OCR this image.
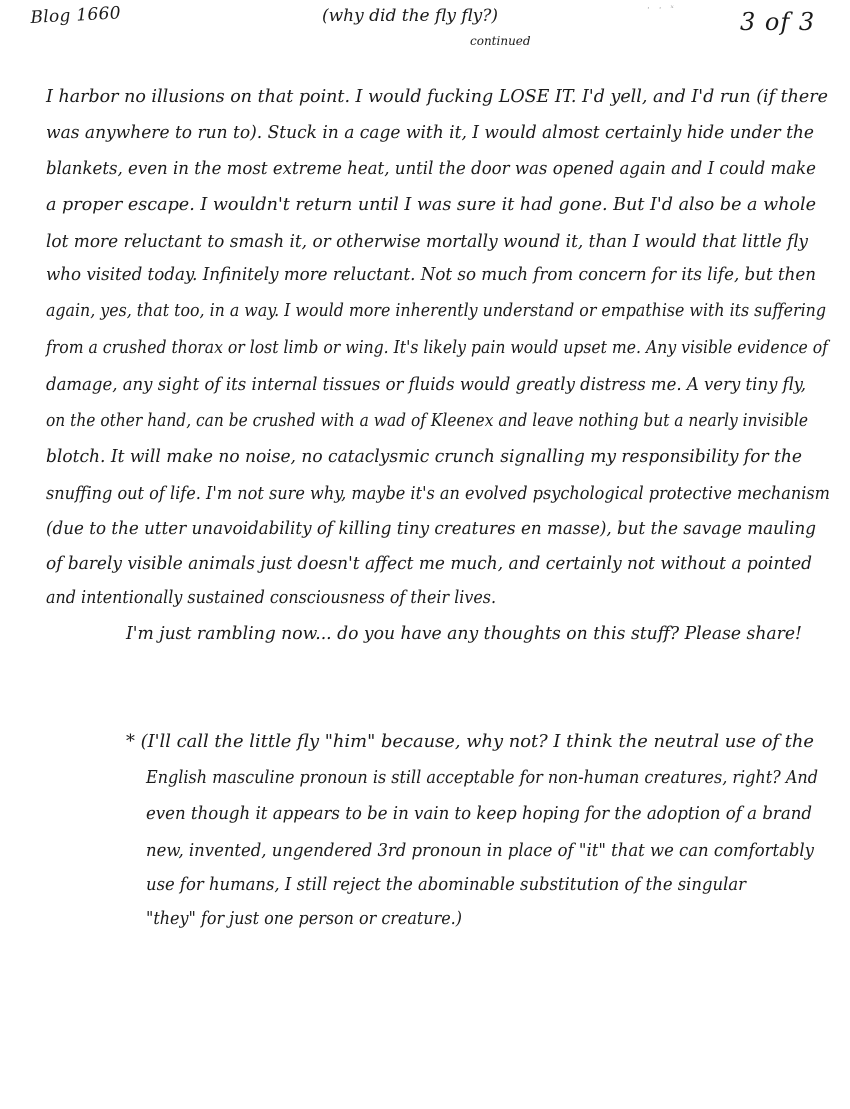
Blog 1660	(why did the fly fly?)
continued
· · ˣ	3 of 3
I harbor no illusions on that point. I would fucking LOSE IT. I'd yell, and I'd run (if there
was anywhere to run to). Stuck in a cage with it, I would almost certainly hide under the
blankets, even in the most extreme heat, until the door was opened again and I could make
a proper escape. I wouldn't return until I was sure it had gone. But I'd also be a whole
lot more reluctant to smash it, or otherwise mortally wound it, than I would that little fly
who visited today. Infinitely more reluctant. Not so much from concern for its life, but then
again, yes, that too, in a way. I would more inherently understand or empathise with its suffering
from a crushed thorax or lost limb or wing. It's likely pain would upset me. Any visible evidence of
damage, any sight of its internal tissues or fluids would greatly distress me. A very tiny fly,
on the other hand, can be crushed with a wad of Kleenex and leave nothing but a nearly invisible
blotch. It will make no noise, no cataclysmic crunch signalling my responsibility for the
snuffing out of life. I'm not sure why, maybe it's an evolved psychological protective mechanism
(due to the utter unavoidability of killing tiny creatures en masse), but the savage mauling
of barely visible animals just doesn't affect me much, and certainly not without a pointed
and intentionally sustained consciousness of their lives.
I'm just rambling now... do you have any thoughts on this stuff? Please share!
* (I'll call the little fly "him" because, why not? I think the neutral use of the
English masculine pronoun is still acceptable for non-human creatures, right? And
even though it appears to be in vain to keep hoping for the adoption of a brand
new, invented, ungendered 3rd pronoun in place of "it" that we can comfortably
use for humans, I still reject the abominable substitution of the singular
"they" for just one person or creature.)
